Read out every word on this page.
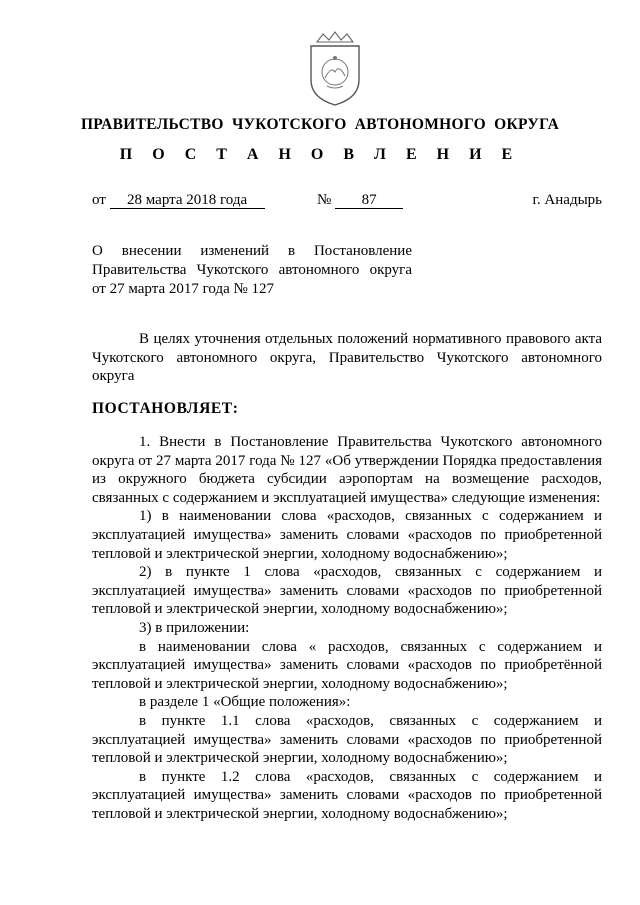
ПРАВИТЕЛЬСТВО ЧУКОТСКОГО АВТОНОМНОГО ОКРУГА
П О С Т А Н О В Л Е Н И Е
от 28 марта 2018 года	№ 87	г. Анадырь
О внесении изменений в Постановление
Правительства Чукотского автономного округа
от 27 марта 2017 года № 127

В целях уточнения отдельных положений нормативного правового акта Чукотского автономного округа, Правительство Чукотского автономного округа

ПОСТАНОВЛЯЕТ:

1. Внести в Постановление Правительства Чукотского автономного округа от 27 марта 2017 года № 127 «Об утверждении Порядка предоставления из окружного бюджета субсидии аэропортам на возмещение расходов, связанных с содержанием и эксплуатацией имущества» следующие изменения:

1) в наименовании слова «расходов, связанных с содержанием и эксплуатацией имущества» заменить словами «расходов по приобретенной тепловой и электрической энергии, холодному водоснабжению»;

2) в пункте 1 слова «расходов, связанных с содержанием и эксплуатацией имущества» заменить словами «расходов по приобретенной тепловой и электрической энергии, холодному водоснабжению»;

3) в приложении:

в наименовании слова « расходов, связанных с содержанием и эксплуатацией имущества» заменить словами «расходов по приобретённой тепловой и электрической энергии, холодному водоснабжению»;

в разделе 1 «Общие положения»:

в пункте 1.1 слова «расходов, связанных с содержанием и эксплуатацией имущества» заменить словами «расходов по приобретенной тепловой и электрической энергии, холодному водоснабжению»;

в пункте 1.2 слова «расходов, связанных с содержанием и эксплуатацией имущества» заменить словами «расходов по приобретенной тепловой и электрической энергии, холодному водоснабжению»;
